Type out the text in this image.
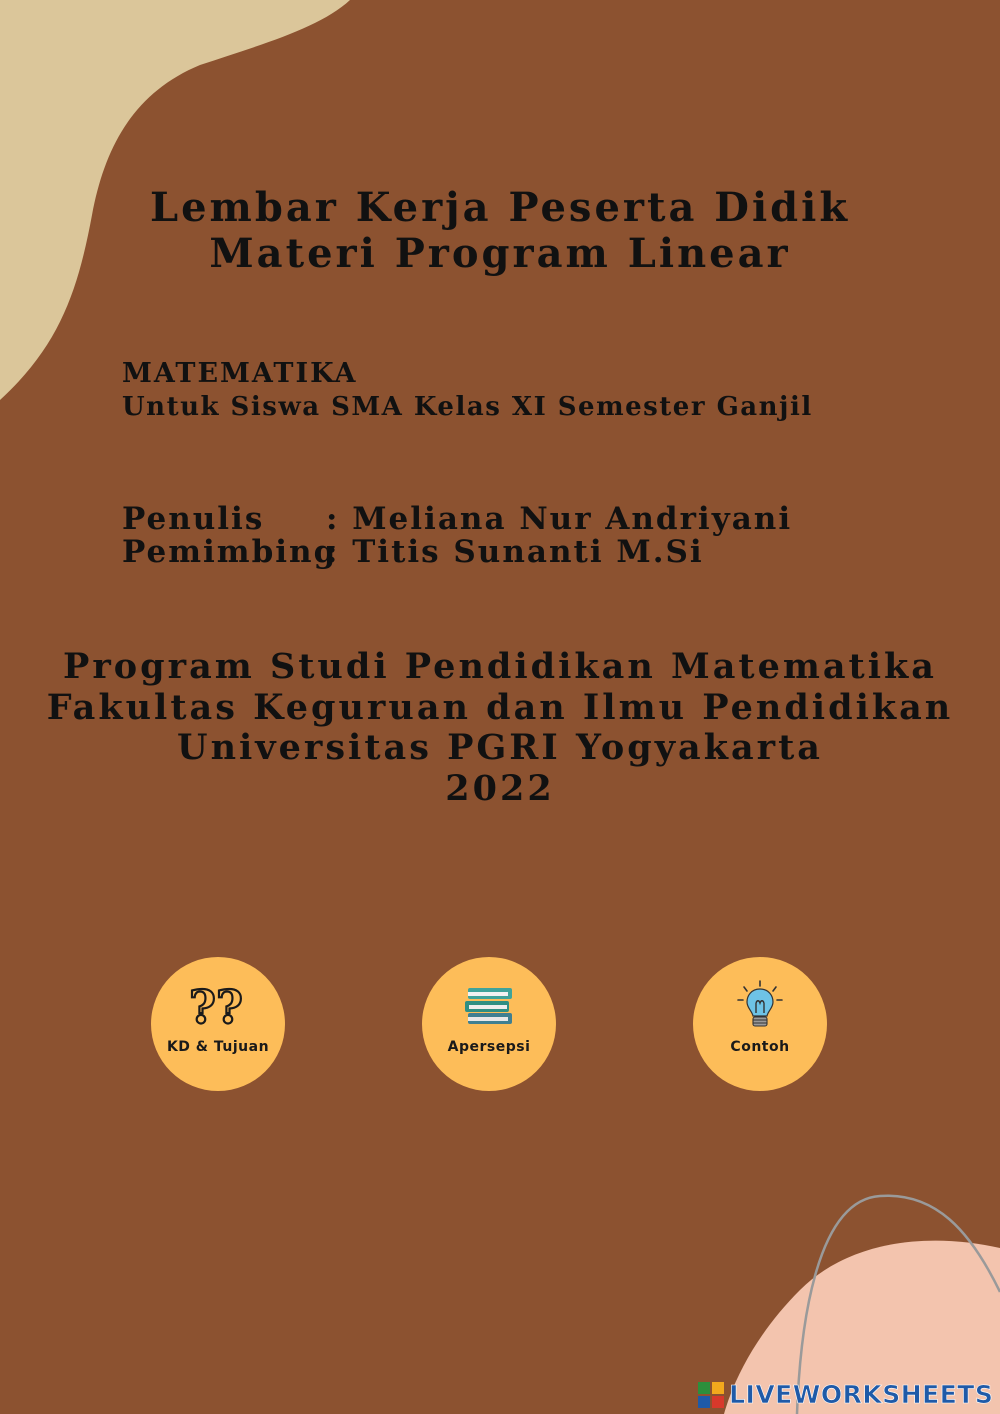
Lembar Kerja Peserta Didik
Materi Program Linear
MATEMATIKA
Untuk Siswa SMA Kelas XI Semester Ganjil
Penulis : Meliana Nur Andriyani
Pemimbing: Titis Sunanti M.Si
Program Studi Pendidikan Matematika
Fakultas Keguruan dan Ilmu Pendidikan
Universitas PGRI Yogyakarta
2022
??
KD & Tujuan	Apersepsi	Contoh
LIVEWORKSHEETS
